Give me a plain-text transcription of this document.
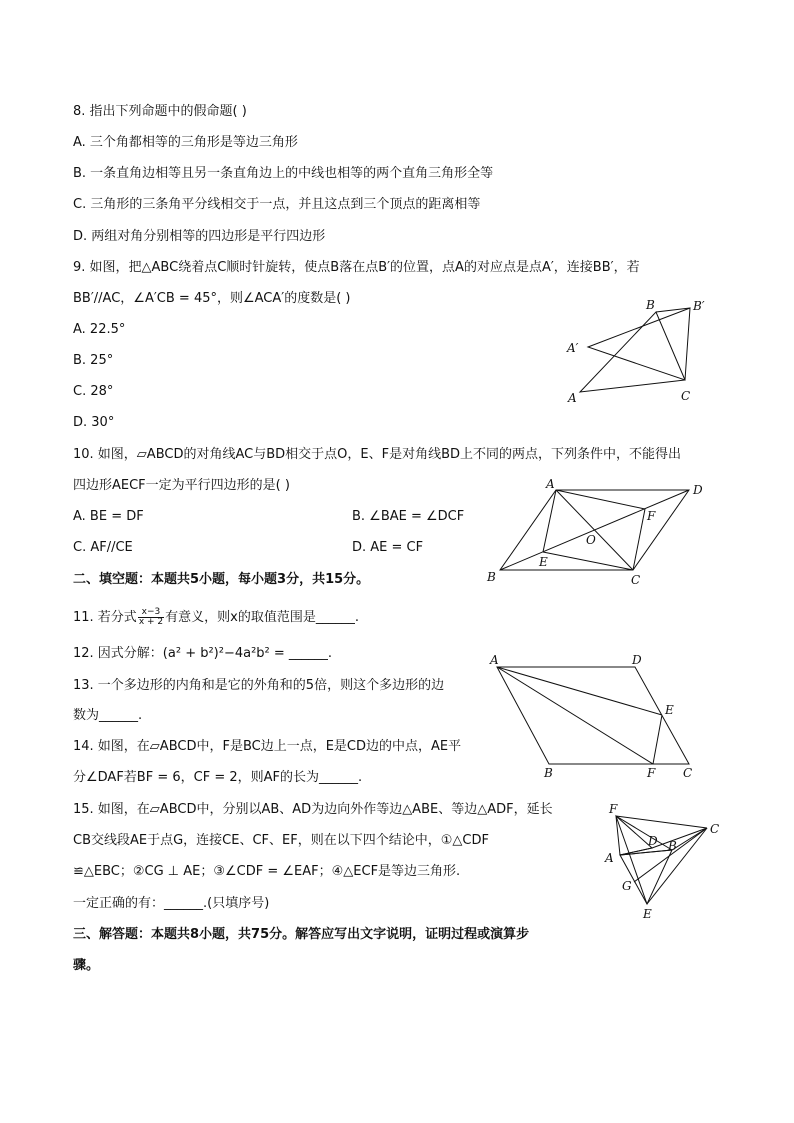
8. 指出下列命题中的假命题( )
A. 三个角都相等的三角形是等边三角形
B. 一条直角边相等且另一条直角边上的中线也相等的两个直角三角形全等
C. 三角形的三条角平分线相交于一点，并且这点到三个顶点的距离相等
D. 两组对角分别相等的四边形是平行四边形
9. 如图，把△ABC绕着点C顺时针旋转，使点B落在点B′的位置，点A的对应点是点A′，连接BB′，若
BB′//AC，∠A′CB = 45°，则∠ACA′的度数是( )
A. 22.5°
B. 25°
C. 28°
D. 30°
B	B′
A′
A	C
10. 如图，▱ABCD的对角线AC与BD相交于点O，E、F是对角线BD上不同的两点，下列条件中，不能得出
四边形AECF一定为平行四边形的是( )
A. BE = DF	B. ∠BAE = ∠DCF
C. AF//CE	D. AE = CF
A	D
F
O
E
B	C
二、填空题：本题共5小题，每小题3分，共15分。
11. 若分式 $\frac{x-3}{x + 2}$ 有意义，则x的取值范围是______.
12. 因式分解：(a² + b²)²−4a²b² = ______.
13. 一个多边形的内角和是它的外角和的5倍，则这个多边形的边
数为______.
A	D
E
B	F C
14. 如图，在▱ABCD中，F是BC边上一点，E是CD边的中点，AE平
分∠DAF若BF = 6，CF = 2，则AF的长为______.
15. 如图，在▱ABCD中，分别以AB、AD为边向外作等边△ABE、等边△ADF，延长
CB交线段AE于点G，连接CE、CF、EF，则在以下四个结论中，①△CDF
≌△EBC；②CG ⊥ AE；③∠CDF = ∠EAF；④△ECF是等边三角形.
一定正确的有：______.(只填序号)
F
C
D B
A
G
E
三、解答题：本题共8小题，共75分。解答应写出文字说明，证明过程或演算步
骤。
